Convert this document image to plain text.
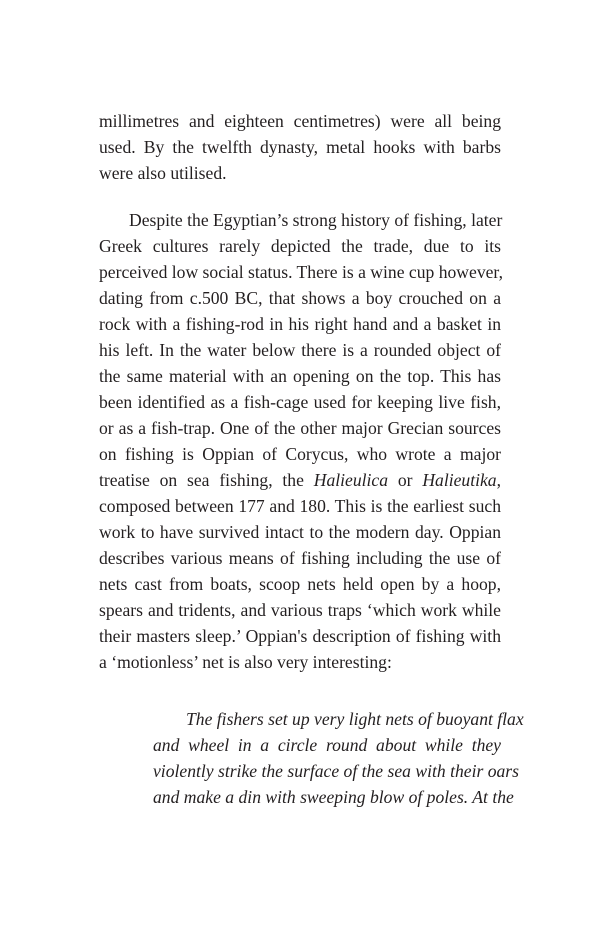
millimetres and eighteen centimetres) were all being
used. By the twelfth dynasty, metal hooks with barbs
were also utilised.
Despite the Egyptian’s strong history of fishing, later
Greek cultures rarely depicted the trade, due to its
perceived low social status. There is a wine cup however,
dating from c.500 BC, that shows a boy crouched on a
rock with a fishing-rod in his right hand and a basket in
his left. In the water below there is a rounded object of
the same material with an opening on the top. This has
been identified as a fish-cage used for keeping live fish,
or as a fish-trap. One of the other major Grecian sources
on fishing is Oppian of Corycus, who wrote a major
treatise on sea fishing, the Halieulica or Halieutika,
composed between 177 and 180. This is the earliest such
work to have survived intact to the modern day. Oppian
describes various means of fishing including the use of
nets cast from boats, scoop nets held open by a hoop,
spears and tridents, and various traps ‘which work while
their masters sleep.’ Oppian's description of fishing with
a ‘motionless’ net is also very interesting:
The fishers set up very light nets of buoyant flax
and wheel in a circle round about while they
violently strike the surface of the sea with their oars
and make a din with sweeping blow of poles. At the
